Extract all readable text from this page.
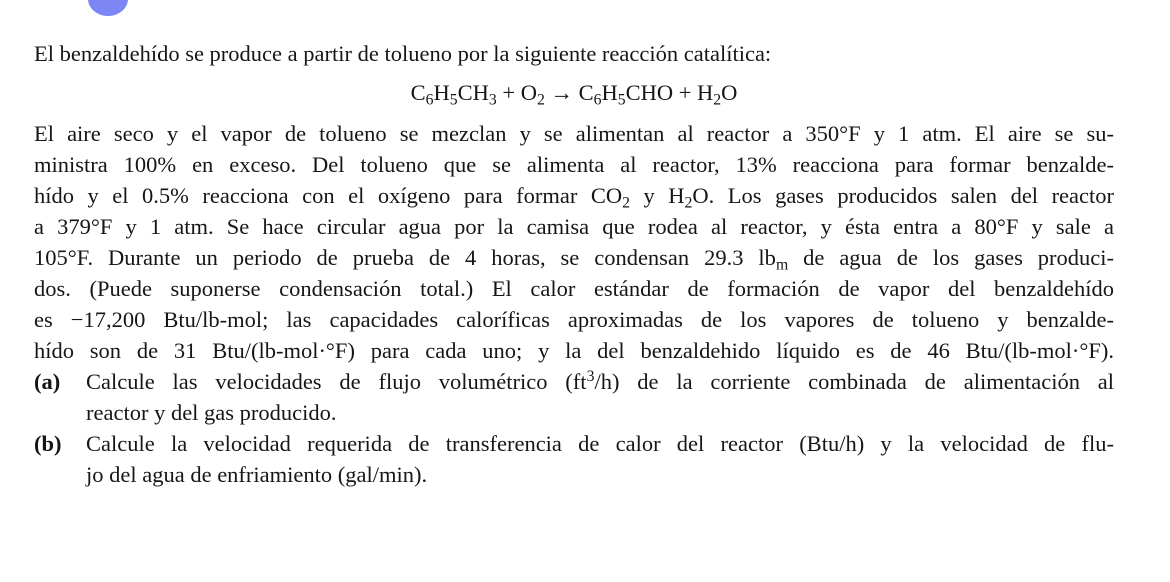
El benzaldehído se produce a partir de tolueno por la siguiente reacción catalítica:

$C_6H_5CH_3 + O_2 \to C_6H_5CHO + H_2O$
El aire seco y el vapor de tolueno se mezclan y se alimentan al reactor a 350°F y 1 atm. El aire se su-
ministra 100% en exceso. Del tolueno que se alimenta al reactor, 13% reacciona para formar benzalde-
hído y el 0.5% reacciona con el oxígeno para formar $CO_2$ y $H_2O$. Los gases producidos salen del reactor
a 379°F y 1 atm. Se hace circular agua por la camisa que rodea al reactor, y ésta entra a 80°F y sale a
105°F. Durante un periodo de prueba de 4 horas, se condensan 29.3 $lb_m$ de agua de los gases produci-
dos. (Puede suponerse condensación total.) El calor estándar de formación de vapor del benzaldehído
es −17,200 Btu/lb-mol; las capacidades caloríficas aproximadas de los vapores de tolueno y benzalde-
hído son de 31 Btu/(lb-mol·°F) para cada uno; y la del benzaldehido líquido es de 46 Btu/(lb-mol·°F).
(a) Calcule las velocidades de flujo volumétrico $(ft^3/h)$ de la corriente combinada de alimentación al
reactor y del gas producido.
(b) Calcule la velocidad requerida de transferencia de calor del reactor (Btu/h) y la velocidad de flu-
jo del agua de enfriamiento (gal/min).
